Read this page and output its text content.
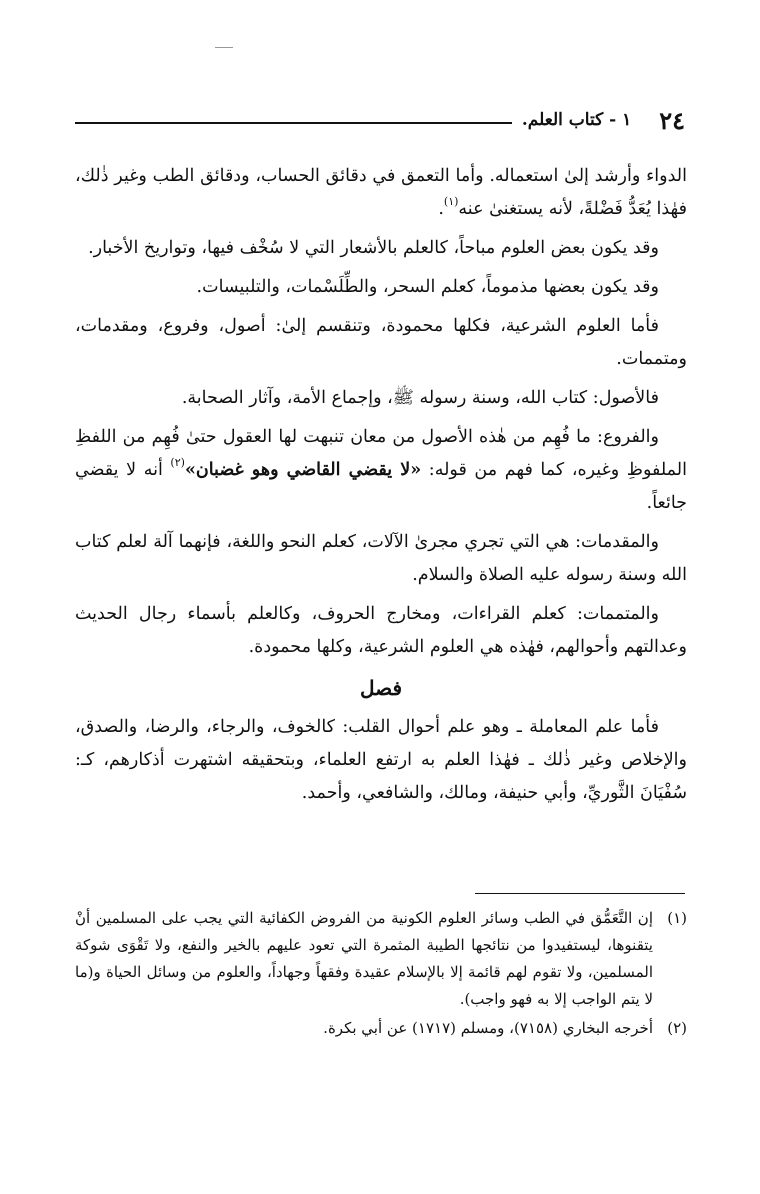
٢٤
١ - كتاب العلم.

الدواء وأرشد إلىٰ استعماله. وأما التعمق في دقائق الحساب، ودقائق الطب وغير ذٰلك، فهٰذا يُعَدُّ فَضْلةً، لأنه يستغنىٰ عنه$^{(١)}$.

وقد يكون بعض العلوم مباحاً، كالعلم بالأشعار التي لا سُخْف فيها، وتواريخ الأخبار.

وقد يكون بعضها مذموماً، كعلم السحر، والطِّلَسْمات، والتلبيسات.

فأما العلوم الشرعية، فكلها محمودة، وتنقسم إلىٰ: أصول، وفروع، ومقدمات، ومتممات.

فالأصول: كتاب الله، وسنة رسوله ﷺ، وإجماع الأمة، وآثار الصحابة.

والفروع: ما فُهِم من هٰذه الأصول من معان تنبهت لها العقول حتىٰ فُهِم من اللفظِ الملفوظِ وغيره، كما فهم من قوله: «لا يقضي القاضي وهو غضبان»$^{(٢)}$ أنه لا يقضي جائعاً.

والمقدمات: هي التي تجري مجرىٰ الآلات، كعلم النحو واللغة، فإنهما آلة لعلم كتاب الله وسنة رسوله عليه الصلاة والسلام.

والمتممات: كعلم القراءات، ومخارج الحروف، وكالعلم بأسماء رجال الحديث وعدالتهم وأحوالهم، فهٰذه هي العلوم الشرعية، وكلها محمودة.

فصل

فأما علم المعاملة ـ وهو علم أحوال القلب: كالخوف، والرجاء، والرضا، والصدق، والإخلاص وغير ذٰلك ـ فهٰذا العلم به ارتفع العلماء، وبتحقيقه اشتهرت أذكارهم، كـ: سُفْيَانَ الثَّوريِّ، وأبي حنيفة، ومالك، والشافعي، وأحمد.

(١)
إن التَّعَمُّق في الطب وسائر العلوم الكونية من الفروض الكفائية التي يجب على المسلمين أنْ يتقنوها، ليستفيدوا من نتائجها الطيبة المثمرة التي تعود عليهم بالخير والنفع، ولا تَقْوَى شوكة المسلمين، ولا تقوم لهم قائمة إلا بالإسلام عقيدة وفقهاً وجهاداً، والعلوم من وسائل الحياة و(ما لا يتم الواجب إلا به فهو واجب).

(٢)
أخرجه البخاري (٧١٥٨)، ومسلم (١٧١٧) عن أبي بكرة.
